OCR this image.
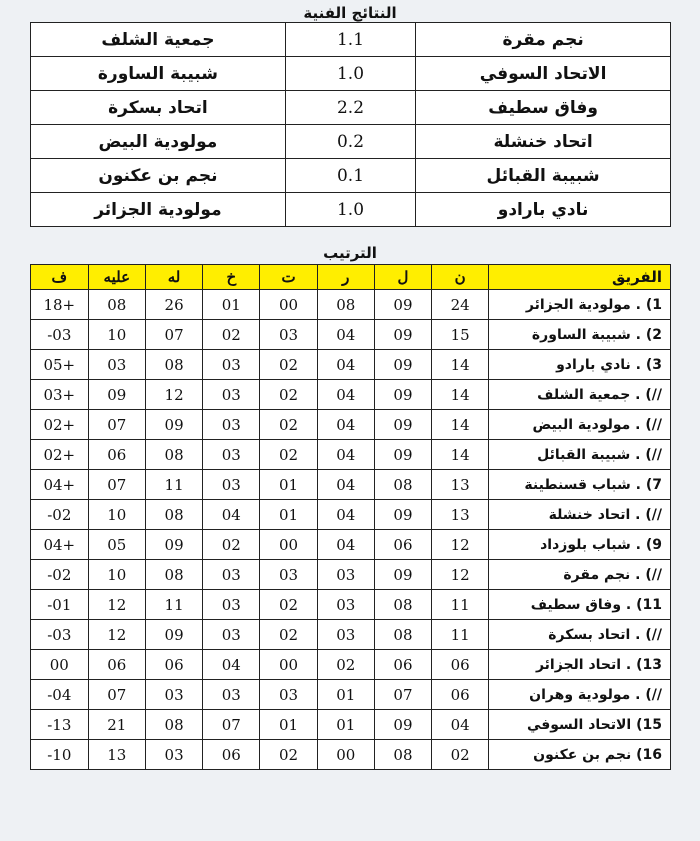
النتائج الفنية
نجم مقرة	1.1	جمعية الشلف
الاتحاد السوفي	1.0	شبيبة الساورة
وفاق سطيف	2.2	اتحاد بسكرة
اتحاد خنشلة	0.2	مولودية البيض
شبيبة القبائل	0.1	نجم بن عكنون
نادي بارادو	1.0	مولودية الجزائر
الترتيب
الفريق	ن	ل	ر	ت	خ	له	عليه	ف
1) . مولودية الجزائر	24	09	08	00	01	26	08	+18
2) . شبيبة الساورة	15	09	04	03	02	07	10	03-
3) . نادي بارادو	14	09	04	02	03	08	03	+05
//) . جمعية الشلف	14	09	04	02	03	12	09	+03
//) . مولودية البيض	14	09	04	02	03	09	07	+02
//) . شبيبة القبائل	14	09	04	02	03	08	06	+02
7) . شباب قسنطينة	13	08	04	01	03	11	07	+04
//) . اتحاد خنشلة	13	09	04	01	04	08	10	02-
9) . شباب بلوزداد	12	06	04	00	02	09	05	+04
//) . نجم مقرة	12	09	03	03	03	08	10	02-
11) . وفاق سطيف	11	08	03	02	03	11	12	01-
//) . اتحاد بسكرة	11	08	03	02	03	09	12	03-
13) . اتحاد الجزائر	06	06	02	00	04	06	06	00
//) . مولودية وهران	06	07	01	03	03	03	07	04-
15) الاتحاد السوفي	04	09	01	01	07	08	21	13-
16) نجم بن عكنون	02	08	00	02	06	03	13	10-
